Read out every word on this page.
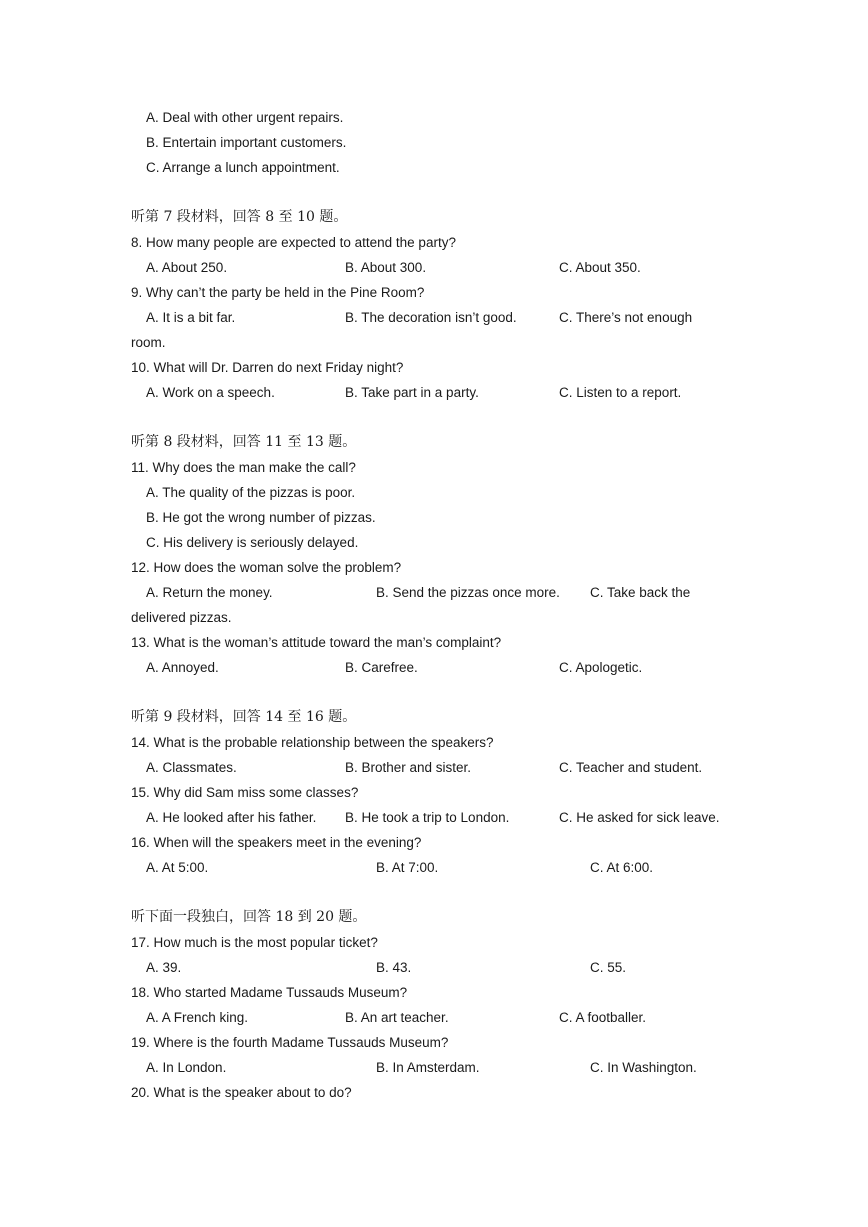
A. Deal with other urgent repairs.
B. Entertain important customers.
C. Arrange a lunch appointment.
听第 7 段材料，回答 8 至 10 题。
8. How many people are expected to attend the party?
A. About 250.	B. About 300.	C. About 350.
9. Why can’t the party be held in the Pine Room?
A. It is a bit far.	B. The decoration isn’t good.	C. There’s not enough
room.
10. What will Dr. Darren do next Friday night?
A. Work on a speech.	B. Take part in a party.	C. Listen to a report.
听第 8 段材料，回答 11 至 13 题。
11. Why does the man make the call?
A. The quality of the pizzas is poor.
B. He got the wrong number of pizzas.
C. His delivery is seriously delayed.
12. How does the woman solve the problem?
A. Return the money.	B. Send the pizzas once more. C. Take back the
delivered pizzas.
13. What is the woman’s attitude toward the man’s complaint?
A. Annoyed.	B. Carefree.	C. Apologetic.
听第 9 段材料，回答 14 至 16 题。
14. What is the probable relationship between the speakers?
A. Classmates.	B. Brother and sister.	C. Teacher and student.
15. Why did Sam miss some classes?
A. He looked after his father. B. He took a trip to London.	C. He asked for sick leave.
16. When will the speakers meet in the evening?
A. At 5:00.	B. At 7:00.	C. At 6:00.
听下面一段独白，回答 18 到 20 题。
17. How much is the most popular ticket?
A. 39.	B. 43.	C. 55.
18. Who started Madame Tussauds Museum?
A. A French king.	B. An art teacher.	C. A footballer.
19. Where is the fourth Madame Tussauds Museum?
A. In London.	B. In Amsterdam.	C. In Washington.
20. What is the speaker about to do?
